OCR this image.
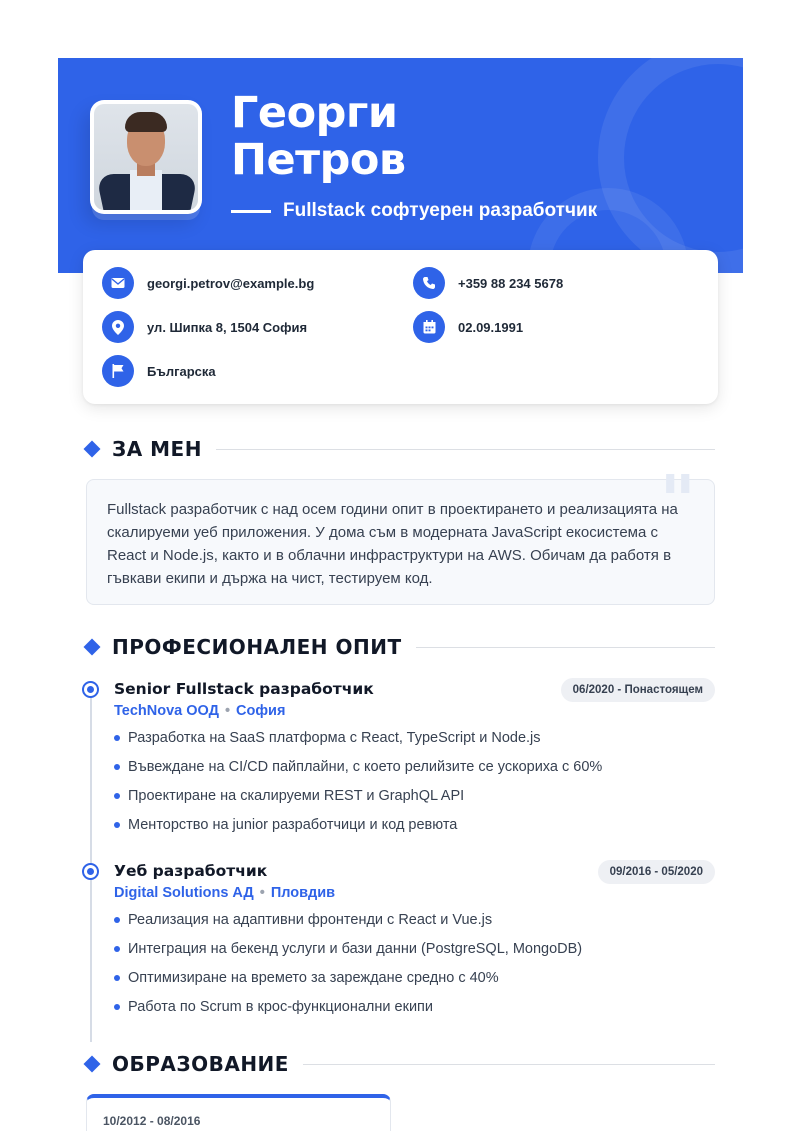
Георги
Петров
Fullstack софтуерен разработчик
georgi.petrov@example.bg	+359 88 234 5678
ул. Шипка 8, 1504 София	02.09.1991
Българска
ЗА МЕН
"

Fullstack разработчик с над осем години опит в проектирането и реализацията на скалируеми уеб приложения. У дома съм в модерната JavaScript екосистема с React и Node.js, както и в облачни инфраструктури на AWS. Обичам да работя в гъвкави екипи и държа на чист, тестируем код.

ПРОФЕСИОНАЛЕН ОПИТ
Senior Fullstack разработчик	06/2020 - Понастоящем
TechNova ООД • София
Разработка на SaaS платформа с React, TypeScript и Node.js
Въвеждане на CI/CD пайплайни, с което релийзите се ускориха с 60%
Проектиране на скалируеми REST и GraphQL API
Менторство на junior разработчици и код ревюта
Уеб разработчик	09/2016 - 05/2020
Digital Solutions АД • Пловдив
Реализация на адаптивни фронтенди с React и Vue.js
Интеграция на бекенд услуги и бази данни (PostgreSQL, MongoDB)
Оптимизиране на времето за зареждане средно с 40%
Работа по Scrum в крос-функционални екипи
ОБРАЗОВАНИЕ
10/2012 - 08/2016
